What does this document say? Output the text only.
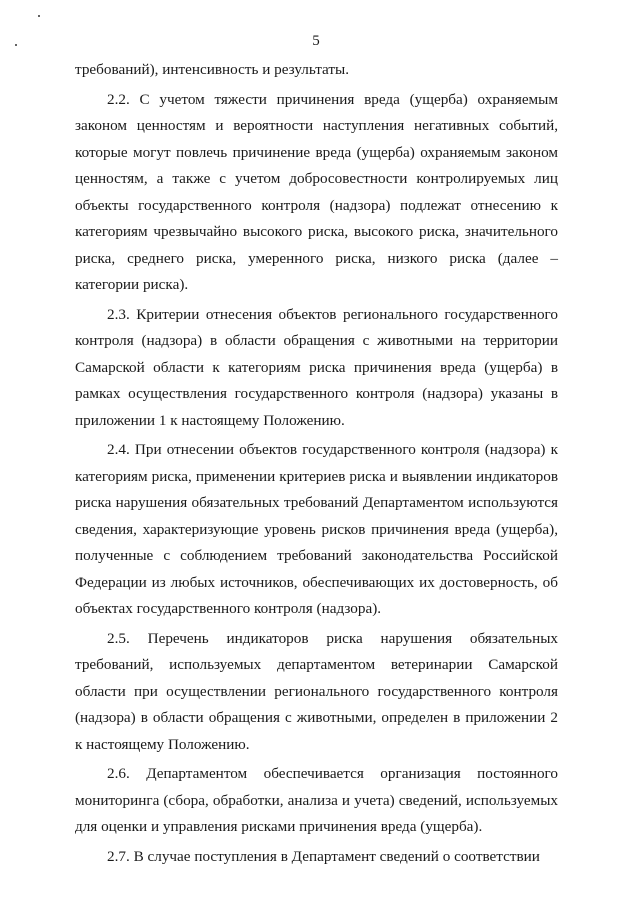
5

требований), интенсивность и результаты.

2.2. С учетом тяжести причинения вреда (ущерба) охраняемым законом ценностям и вероятности наступления негативных событий, которые могут повлечь причинение вреда (ущерба) охраняемым законом ценностям, а также с учетом добросовестности контролируемых лиц объекты государственного контроля (надзора) подлежат отнесению к категориям чрезвычайно высокого риска, высокого риска, значительного риска, среднего риска, умеренного риска, низкого риска (далее – категории риска).

2.3. Критерии отнесения объектов регионального государственного контроля (надзора) в области обращения с животными на территории Самарской области к категориям риска причинения вреда (ущерба) в рамках осуществления государственного контроля (надзора) указаны в приложении 1 к настоящему Положению.

2.4. При отнесении объектов государственного контроля (надзора) к категориям риска, применении критериев риска и выявлении индикаторов риска нарушения обязательных требований Департаментом используются сведения, характеризующие уровень рисков причинения вреда (ущерба), полученные с соблюдением требований законодательства Российской Федерации из любых источников, обеспечивающих их достоверность, об объектах государственного контроля (надзора).

2.5. Перечень индикаторов риска нарушения обязательных требований, используемых департаментом ветеринарии Самарской области при осуществлении регионального государственного контроля (надзора) в области обращения с животными, определен в приложении 2 к настоящему Положению.

2.6. Департаментом обеспечивается организация постоянного мониторинга (сбора, обработки, анализа и учета) сведений, используемых для оценки и управления рисками причинения вреда (ущерба).

2.7. В случае поступления в Департамент сведений о соответствии
